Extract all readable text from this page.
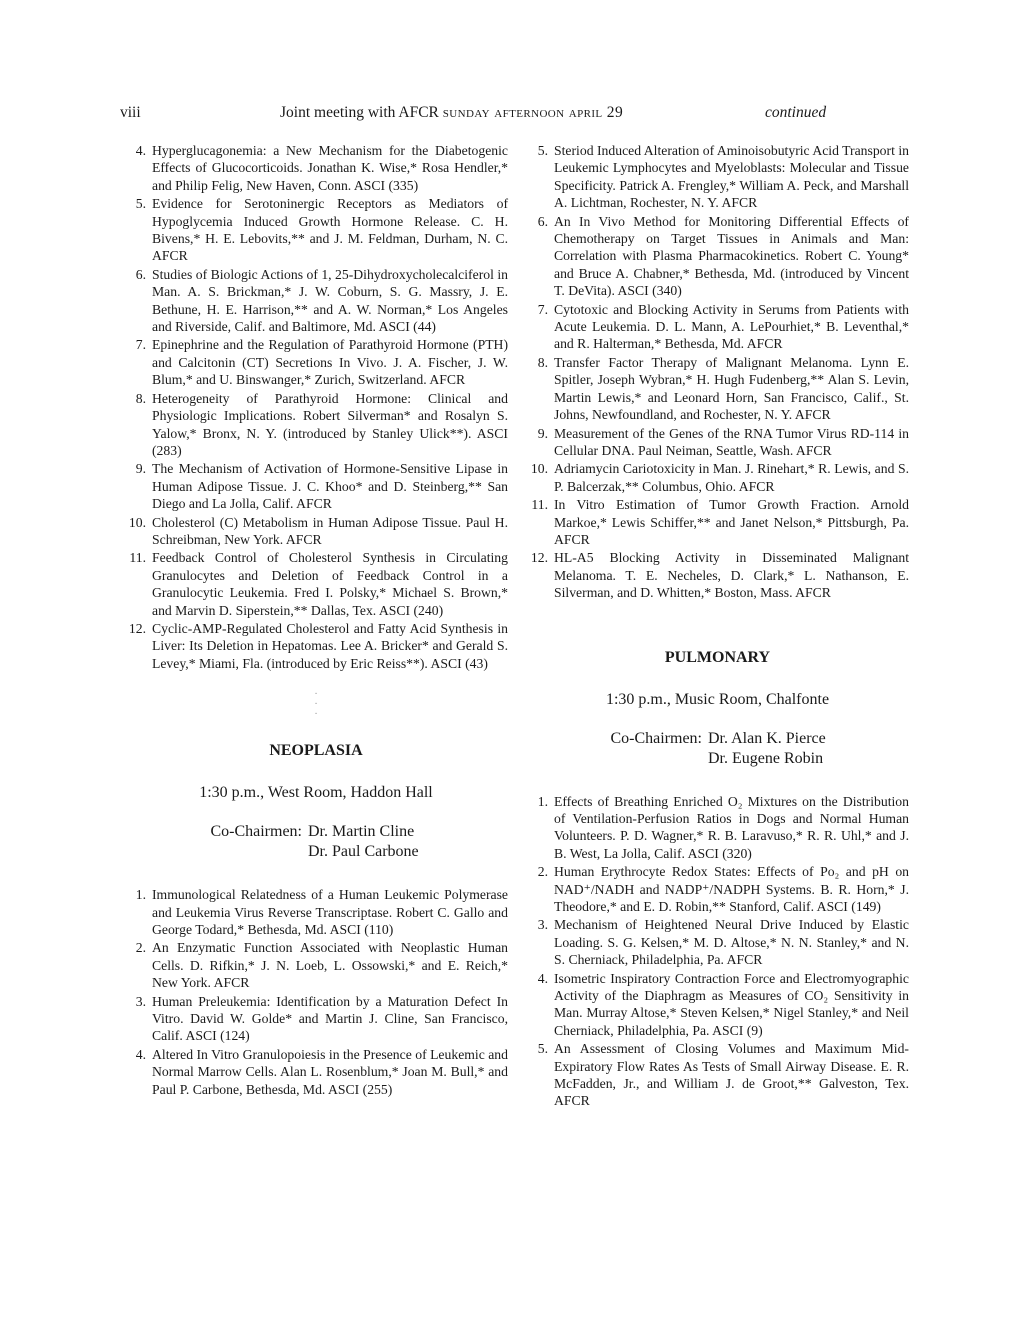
viii	Joint meeting with AFCR sunday afternoon april 29	continued
4. Hyperglucagonemia: a New Mechanism for the Diabetogenic Effects of Glucocorticoids. Jonathan K. Wise,* Rosa Hendler,* and Philip Felig, New Haven, Conn. ASCI (335)
5. Evidence for Serotoninergic Receptors as Mediators of Hypoglycemia Induced Growth Hormone Release. C. H. Bivens,* H. E. Lebovits,** and J. M. Feldman, Durham, N. C. AFCR
6. Studies of Biologic Actions of 1, 25-Dihydroxycholecalciferol in Man. A. S. Brickman,* J. W. Coburn, S. G. Massry, J. E. Bethune, H. E. Harrison,** and A. W. Norman,* Los Angeles and Riverside, Calif. and Baltimore, Md. ASCI (44)
7. Epinephrine and the Regulation of Parathyroid Hormone (PTH) and Calcitonin (CT) Secretions In Vivo. J. A. Fischer, J. W. Blum,* and U. Binswanger,* Zurich, Switzerland. AFCR
8. Heterogeneity of Parathyroid Hormone: Clinical and Physiologic Implications. Robert Silverman* and Rosalyn S. Yalow,* Bronx, N. Y. (introduced by Stanley Ulick**). ASCI (283)
9. The Mechanism of Activation of Hormone-Sensitive Lipase in Human Adipose Tissue. J. C. Khoo* and D. Steinberg,** San Diego and La Jolla, Calif. AFCR
10. Cholesterol (C) Metabolism in Human Adipose Tissue. Paul H. Schreibman, New York. AFCR
11. Feedback Control of Cholesterol Synthesis in Circulating Granulocytes and Deletion of Feedback Control in a Granulocytic Leukemia. Fred I. Polsky,* Michael S. Brown,* and Marvin D. Siperstein,** Dallas, Tex. ASCI (240)
12. Cyclic-AMP-Regulated Cholesterol and Fatty Acid Synthesis in Liver: Its Deletion in Hepatomas. Lee A. Bricker* and Gerald S. Levey,* Miami, Fla. (introduced by Eric Reiss**). ASCI (43)
·
·
·
NEOPLASIA

1:30 p.m., West Room, Haddon Hall

Co-Chairmen: Dr. Martin Cline
Dr. Paul Carbone
1. Immunological Relatedness of a Human Leukemic Polymerase and Leukemia Virus Reverse Transcriptase. Robert C. Gallo and George Todard,* Bethesda, Md. ASCI (110)
2. An Enzymatic Function Associated with Neoplastic Human Cells. D. Rifkin,* J. N. Loeb, L. Ossowski,* and E. Reich,* New York. AFCR
3. Human Preleukemia: Identification by a Maturation Defect In Vitro. David W. Golde* and Martin J. Cline, San Francisco, Calif. ASCI (124)
4. Altered In Vitro Granulopoiesis in the Presence of Leukemic and Normal Marrow Cells. Alan L. Rosenblum,* Joan M. Bull,* and Paul P. Carbone, Bethesda, Md. ASCI (255)
5. Steriod Induced Alteration of Aminoisobutyric Acid Transport in Leukemic Lymphocytes and Myeloblasts: Molecular and Tissue Specificity. Patrick A. Frengley,* William A. Peck, and Marshall A. Lichtman, Rochester, N. Y. AFCR
6. An In Vivo Method for Monitoring Differential Effects of Chemotherapy on Target Tissues in Animals and Man: Correlation with Plasma Pharmacokinetics. Robert C. Young* and Bruce A. Chabner,* Bethesda, Md. (introduced by Vincent T. DeVita). ASCI (340)
7. Cytotoxic and Blocking Activity in Serums from Patients with Acute Leukemia. D. L. Mann, A. LePourhiet,* B. Leventhal,* and R. Halterman,* Bethesda, Md. AFCR
8. Transfer Factor Therapy of Malignant Melanoma. Lynn E. Spitler, Joseph Wybran,* H. Hugh Fudenberg,** Alan S. Levin, Martin Lewis,* and Leonard Horn, San Francisco, Calif., St. Johns, Newfoundland, and Rochester, N. Y. AFCR
9. Measurement of the Genes of the RNA Tumor Virus RD-114 in Cellular DNA. Paul Neiman, Seattle, Wash. AFCR
10. Adriamycin Cariotoxicity in Man. J. Rinehart,* R. Lewis, and S. P. Balcerzak,** Columbus, Ohio. AFCR
11. In Vitro Estimation of Tumor Growth Fraction. Arnold Markoe,* Lewis Schiffer,** and Janet Nelson,* Pittsburgh, Pa. AFCR
12. HL-A5 Blocking Activity in Disseminated Malignant Melanoma. T. E. Necheles, D. Clark,* L. Nathanson, E. Silverman, and D. Whitten,* Boston, Mass. AFCR
PULMONARY

1:30 p.m., Music Room, Chalfonte

Co-Chairmen: Dr. Alan K. Pierce
Dr. Eugene Robin
1. Effects of Breathing Enriched O₂ Mixtures on the Distribution of Ventilation-Perfusion Ratios in Dogs and Normal Human Volunteers. P. D. Wagner,* R. B. Laravuso,* R. R. Uhl,* and J. B. West, La Jolla, Calif. ASCI (320)
2. Human Erythrocyte Redox States: Effects of Po₂ and pH on NAD⁺/NADH and NADP⁺/NADPH Systems. B. R. Horn,* J. Theodore,* and E. D. Robin,** Stanford, Calif. ASCI (149)
3. Mechanism of Heightened Neural Drive Induced by Elastic Loading. S. G. Kelsen,* M. D. Altose,* N. N. Stanley,* and N. S. Cherniack, Philadelphia, Pa. AFCR
4. Isometric Inspiratory Contraction Force and Electromyographic Activity of the Diaphragm as Measures of CO₂ Sensitivity in Man. Murray Altose,* Steven Kelsen,* Nigel Stanley,* and Neil Cherniack, Philadelphia, Pa. ASCI (9)
5. An Assessment of Closing Volumes and Maximum Mid-Expiratory Flow Rates As Tests of Small Airway Disease. E. R. McFadden, Jr., and William J. de Groot,** Galveston, Tex. AFCR
